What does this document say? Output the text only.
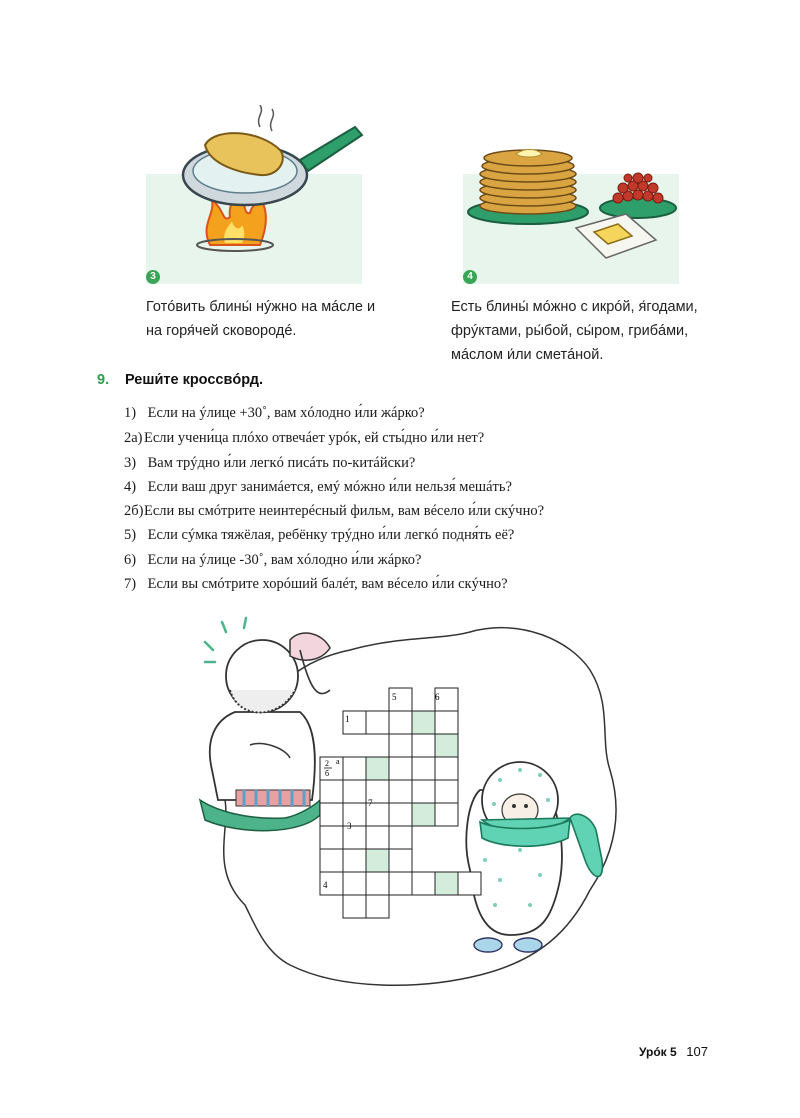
3	4
Готóвить блины́ нýжно на мáсле и
на горя́чей сковородé.
Есть блины́ мóжно с икрóй, я́годами,
фрýктами, ры́бой, сы́ром, грибáми,
мáслом и́ли сметáной.
9. Реши́те кроссвóрд.
1) Если на ýлице +30˚, вам хóлодно и́ли жáрко?
2а)Если учени́ца плóхо отвечáет урóк, ей сты́дно и́ли нет?
3) Вам трýдно и́ли легкó писáть по-китáйски?
4) Если ваш друг занимáется, емý мóжно и́ли нельзя́ мешáть?
2б)Если вы смóтрите неинтерéсный фильм, вам вéсело и́ли скýчно?
5) Если сýмка тяжёлая, ребёнку трýдно и́ли легкó подня́ть её?
6) Если на ýлице -30˚, вам хóлодно и́ли жáрко?
7) Если вы смóтрите хорóший балéт, вам вéсело и́ли скýчно?
1
2
б
а
3
4
5	6
7
Урóк 5 107
